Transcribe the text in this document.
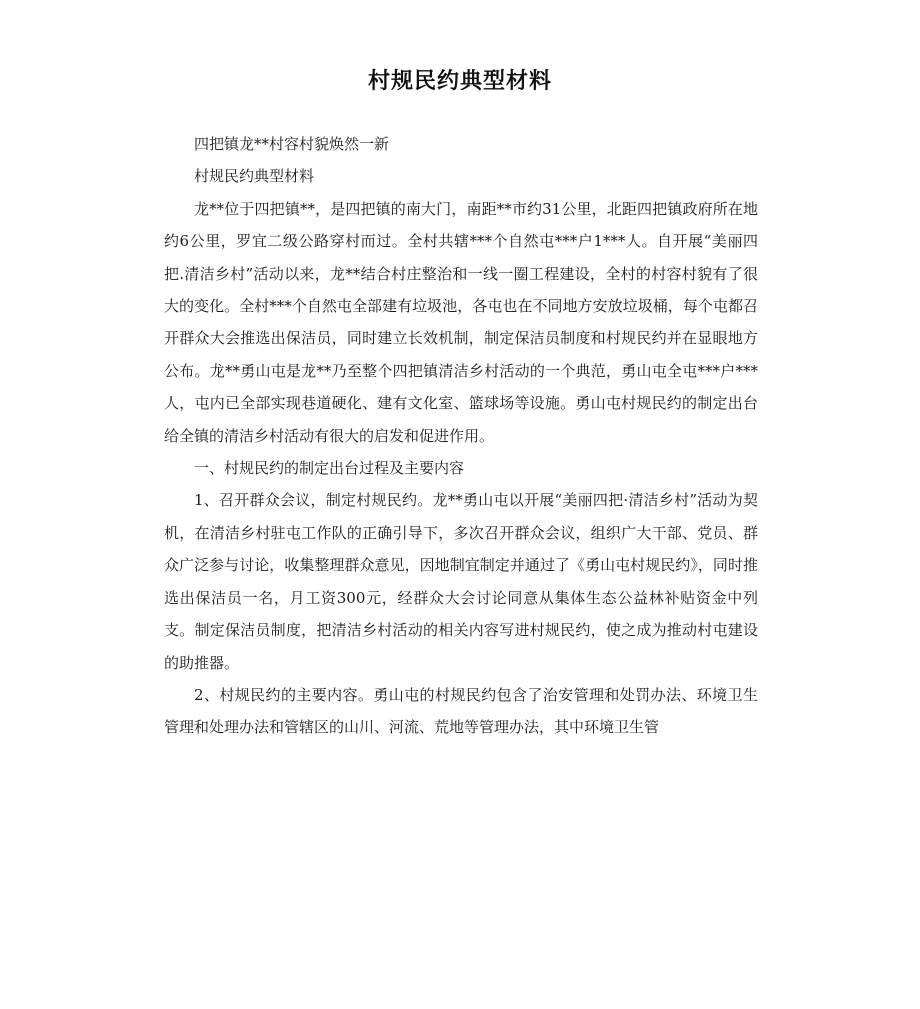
村规民约典型材料

四把镇龙**村容村貌焕然一新

村规民约典型材料

龙**位于四把镇**，是四把镇的南大门，南距**市约31公里，北距四把镇政府所在地约6公里，罗宜二级公路穿村而过。全村共辖***个自然屯***户1***人。自开展“美丽四把.清洁乡村”活动以来，龙**结合村庄整治和一线一圈工程建设，全村的村容村貌有了很大的变化。全村***个自然屯全部建有垃圾池，各屯也在不同地方安放垃圾桶，每个屯都召开群众大会推选出保洁员，同时建立长效机制，制定保洁员制度和村规民约并在显眼地方公布。龙**勇山屯是龙**乃至整个四把镇清洁乡村活动的一个典范，勇山屯全屯***户***人，屯内已全部实现巷道硬化、建有文化室、篮球场等设施。勇山屯村规民约的制定出台给全镇的清洁乡村活动有很大的启发和促进作用。

一、村规民约的制定出台过程及主要内容

1、召开群众会议，制定村规民约。龙**勇山屯以开展“美丽四把·清洁乡村”活动为契机，在清洁乡村驻屯工作队的正确引导下，多次召开群众会议，组织广大干部、党员、群众广泛参与讨论，收集整理群众意见，因地制宜制定并通过了《勇山屯村规民约》，同时推选出保洁员一名，月工资300元，经群众大会讨论同意从集体生态公益林补贴资金中列支。制定保洁员制度，把清洁乡村活动的相关内容写进村规民约，使之成为推动村屯建设的助推器。

2、村规民约的主要内容。勇山屯的村规民约包含了治安管理和处罚办法、环境卫生管理和处理办法和管辖区的山川、河流、荒地等管理办法，其中环境卫生管
